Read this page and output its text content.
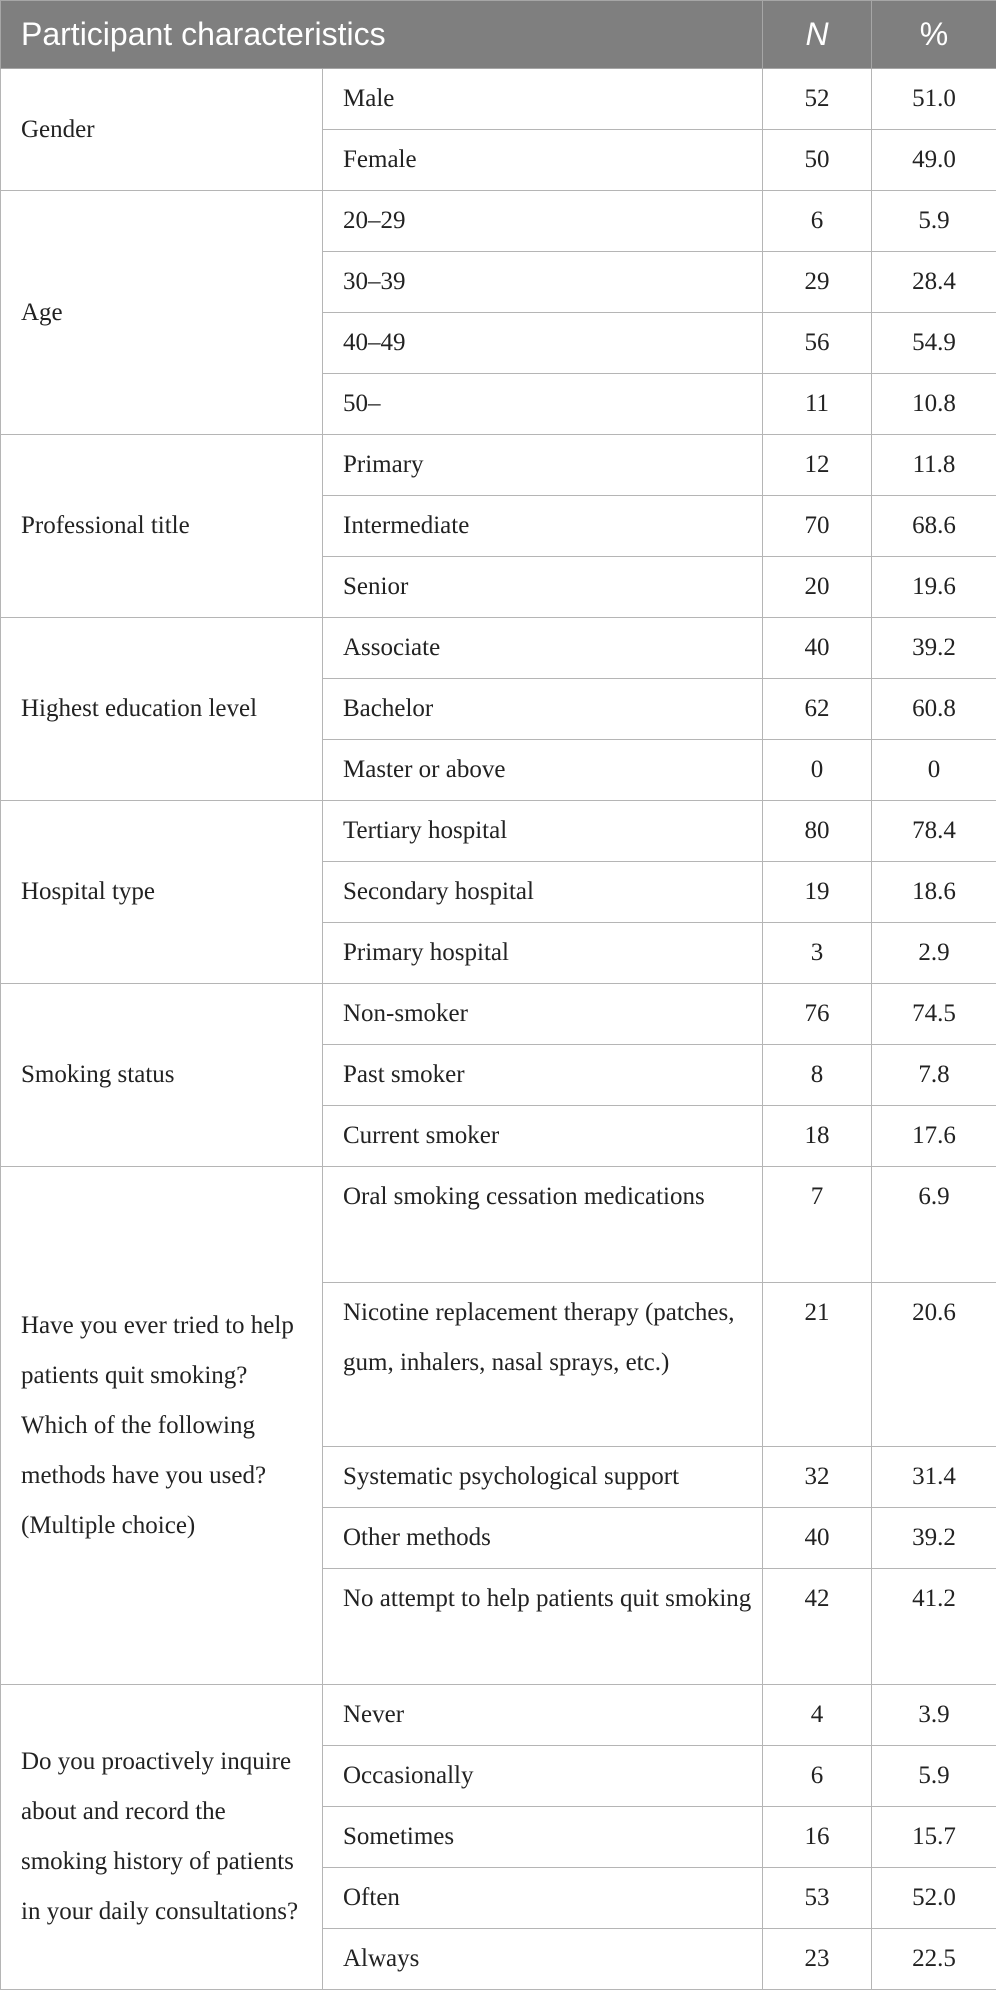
Participant characteristics		N	%
Gender	Male	52	51.0
	Female	50	49.0
Age	20–29	6	5.9
	30–39	29	28.4
	40–49	56	54.9
	50–	11	10.8
Professional title	Primary	12	11.8
	Intermediate	70	68.6
	Senior	20	19.6
Highest education level	Associate	40	39.2
	Bachelor	62	60.8
	Master or above	0	0
Hospital type	Tertiary hospital	80	78.4
	Secondary hospital	19	18.6
	Primary hospital	3	2.9
Smoking status	Non-smoker	76	74.5
	Past smoker	8	7.8
	Current smoker	18	17.6
Have you ever tried to help patients quit smoking? Which of the following methods have you used? (Multiple choice)	Oral smoking cessation medications	7	6.9
	Nicotine replacement therapy (patches, gum, inhalers, nasal sprays, etc.)	21	20.6
	Systematic psychological support	32	31.4
	Other methods	40	39.2
	No attempt to help patients quit smoking	42	41.2
Do you proactively inquire about and record the smoking history of patients in your daily consultations?	Never	4	3.9
	Occasionally	6	5.9
	Sometimes	16	15.7
	Often	53	52.0
	Always	23	22.5
